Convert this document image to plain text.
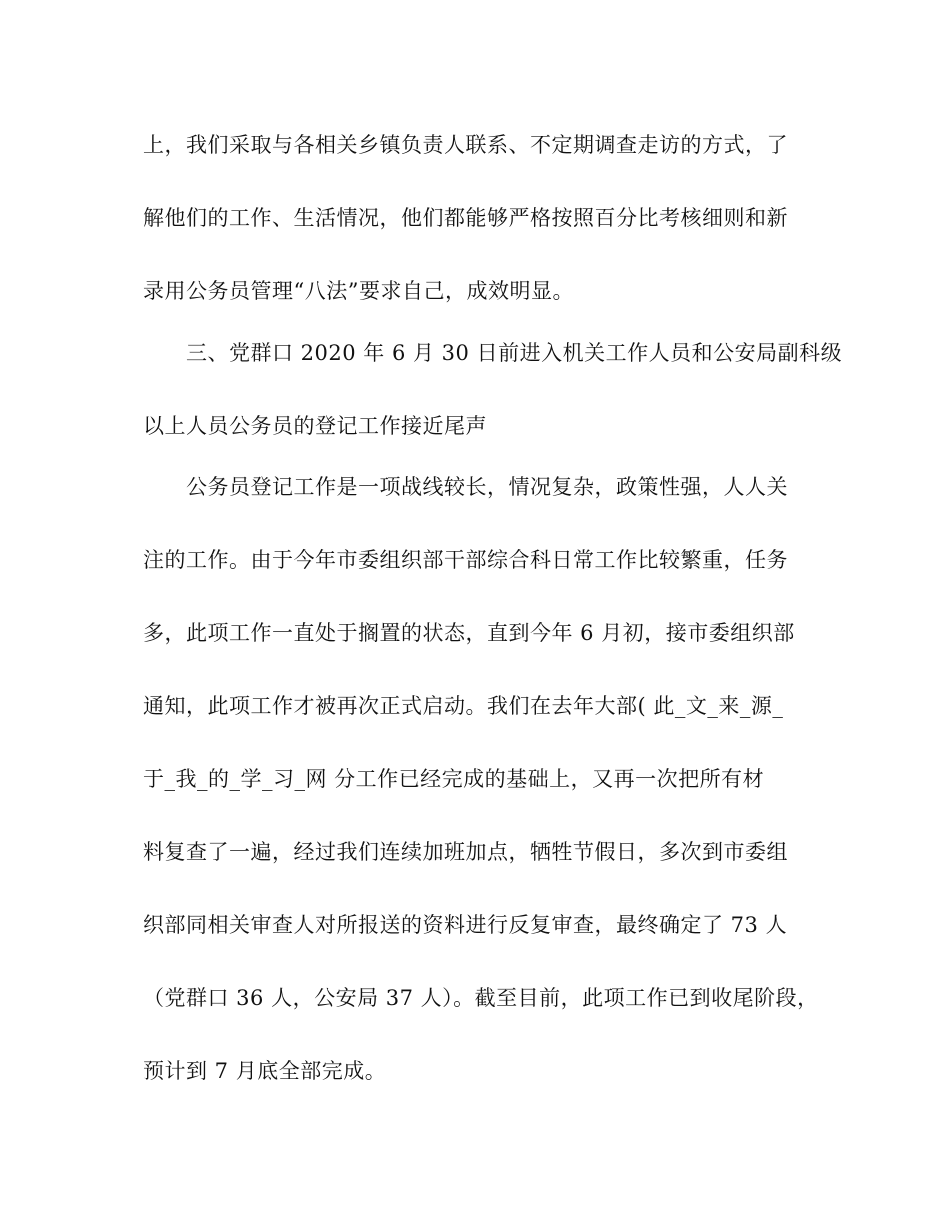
上，我们采取与各相关乡镇负责人联系、不定期调查走访的方式，了
解他们的工作、生活情况，他们都能够严格按照百分比考核细则和新
录用公务员管理“八法”要求自己，成效明显。
三、党群口 2020 年 6 月 30 日前进入机关工作人员和公安局副科级
以上人员公务员的登记工作接近尾声
公务员登记工作是一项战线较长，情况复杂，政策性强，人人关
注的工作。由于今年市委组织部干部综合科日常工作比较繁重，任务
多，此项工作一直处于搁置的状态，直到今年 6 月初，接市委组织部
通知，此项工作才被再次正式启动。我们在去年大部( 此_文_来_源_
于_我_的_学_习_网 分工作已经完成的基础上，又再一次把所有材
料复查了一遍，经过我们连续加班加点，牺牲节假日，多次到市委组
织部同相关审查人对所报送的资料进行反复审查，最终确定了 73 人
（党群口 36 人，公安局 37 人）。截至目前，此项工作已到收尾阶段，
预计到 7 月底全部完成。
